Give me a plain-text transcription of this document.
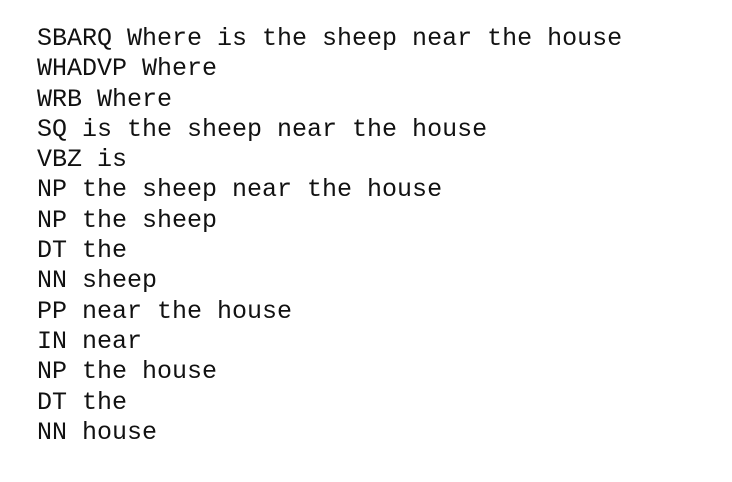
SBARQ Where is the sheep near the house
WHADVP Where
WRB Where
SQ is the sheep near the house
VBZ is
NP the sheep near the house
NP the sheep
DT the
NN sheep
PP near the house
IN near
NP the house
DT the
NN house
